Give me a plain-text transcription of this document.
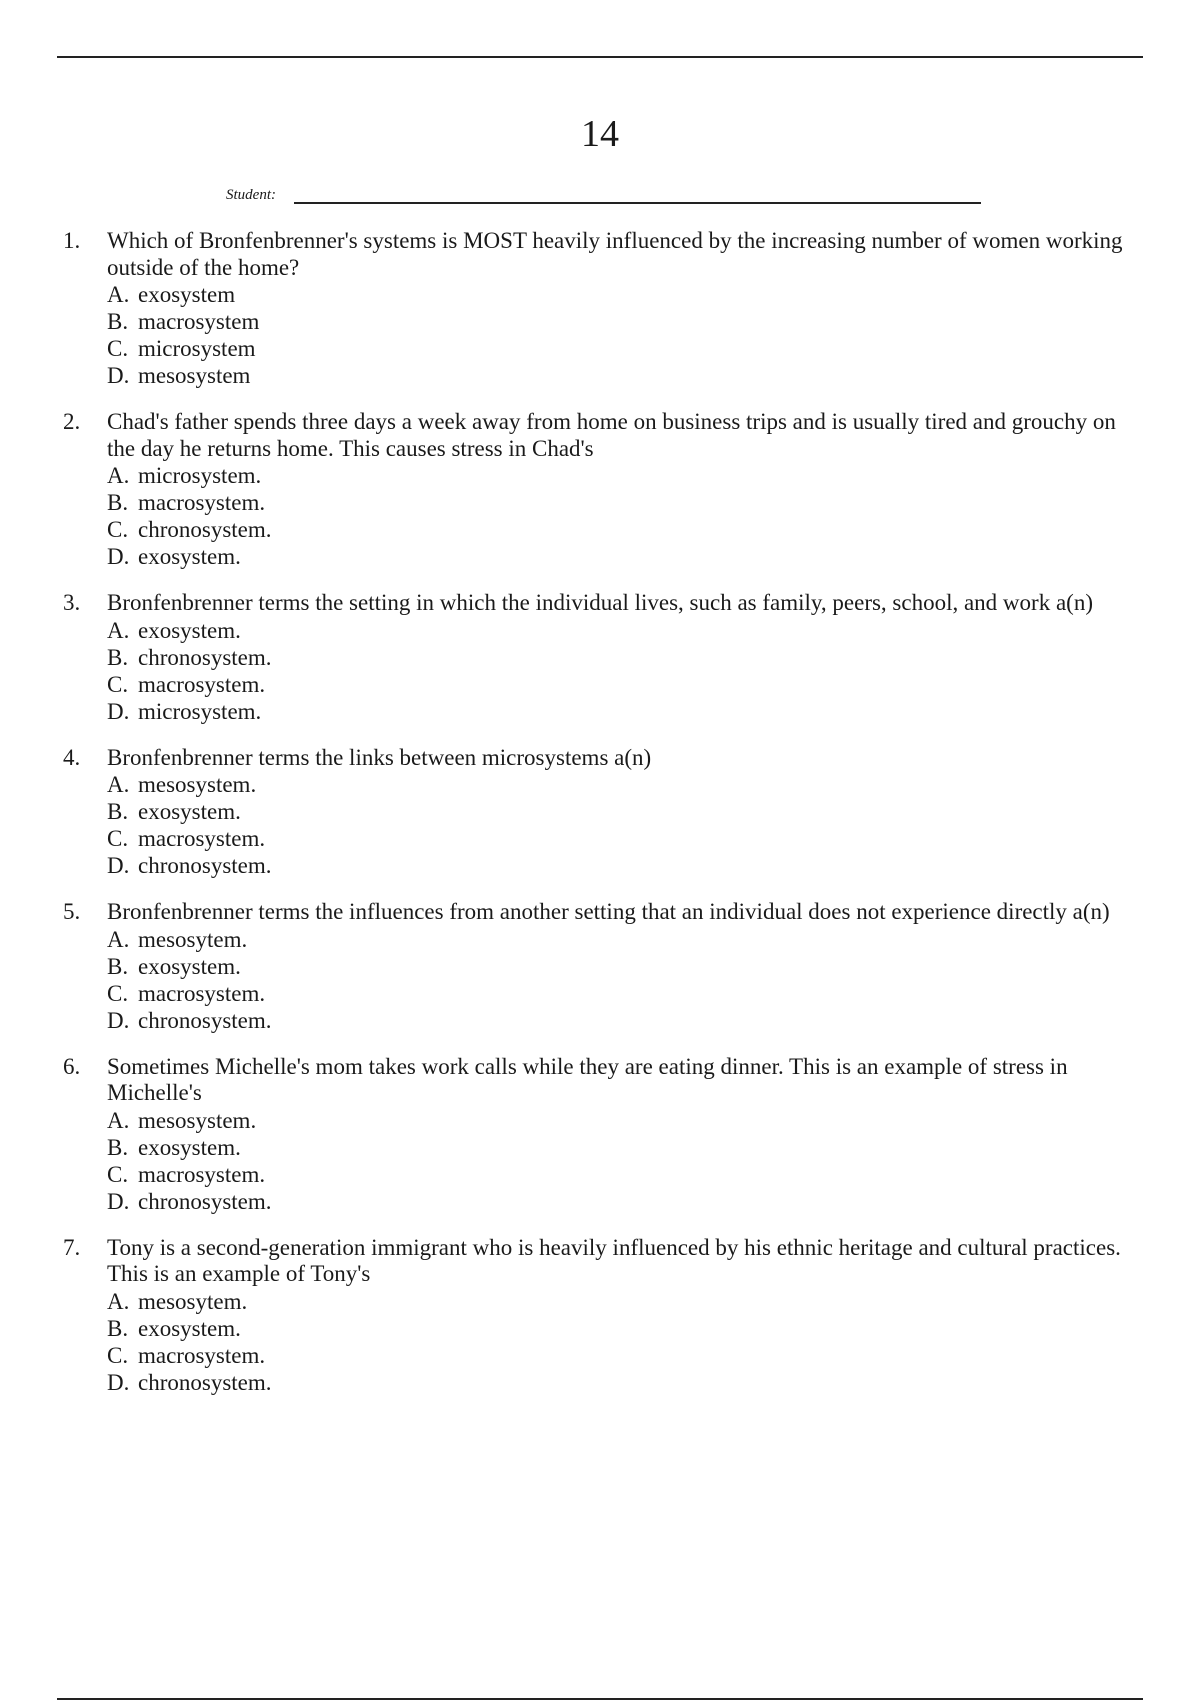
14
Student:
1. Which of Bronfenbrenner's systems is MOST heavily influenced by the increasing number of women working outside of the home?
A. exosystem
B. macrosystem
C. microsystem
D. mesosystem
2. Chad's father spends three days a week away from home on business trips and is usually tired and grouchy on the day he returns home. This causes stress in Chad's
A. microsystem.
B. macrosystem.
C. chronosystem.
D. exosystem.
3. Bronfenbrenner terms the setting in which the individual lives, such as family, peers, school, and work a(n)
A. exosystem.
B. chronosystem.
C. macrosystem.
D. microsystem.
4. Bronfenbrenner terms the links between microsystems a(n)
A. mesosystem.
B. exosystem.
C. macrosystem.
D. chronosystem.
5. Bronfenbrenner terms the influences from another setting that an individual does not experience directly a(n)
A. mesosytem.
B. exosystem.
C. macrosystem.
D. chronosystem.
6. Sometimes Michelle's mom takes work calls while they are eating dinner. This is an example of stress in Michelle's
A. mesosystem.
B. exosystem.
C. macrosystem.
D. chronosystem.
7. Tony is a second-generation immigrant who is heavily influenced by his ethnic heritage and cultural practices. This is an example of Tony's
A. mesosytem.
B. exosystem.
C. macrosystem.
D. chronosystem.
